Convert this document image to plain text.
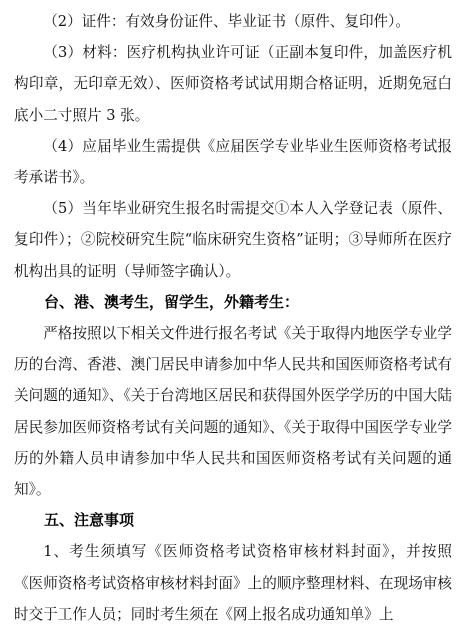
（2）证件：有效身份证件、毕业证书（原件、复印件）。

（3）材料：医疗机构执业许可证（正副本复印件，加盖医疗机构印章，无印章无效）、医师资格考试试用期合格证明，近期免冠白底小二寸照片 3 张。

（4）应届毕业生需提供《应届医学专业毕业生医师资格考试报考承诺书》。

（5）当年毕业研究生报名时需提交①本人入学登记表（原件、复印件）；②院校研究生院“临床研究生资格”证明；③导师所在医疗机构出具的证明（导师签字确认）。

台、港、澳考生，留学生，外籍考生：

严格按照以下相关文件进行报名考试《关于取得内地医学专业学历的台湾、香港、澳门居民申请参加中华人民共和国医师资格考试有关问题的通知》、《关于台湾地区居民和获得国外医学学历的中国大陆居民参加医师资格考试有关问题的通知》、《关于取得中国医学专业学历的外籍人员申请参加中华人民共和国医师资格考试有关问题的通知》。

五、注意事项

1、考生须填写《医师资格考试资格审核材料封面》，并按照《医师资格考试资格审核材料封面》上的顺序整理材料、在现场审核时交于工作人员；同时考生须在《网上报名成功通知单》上
